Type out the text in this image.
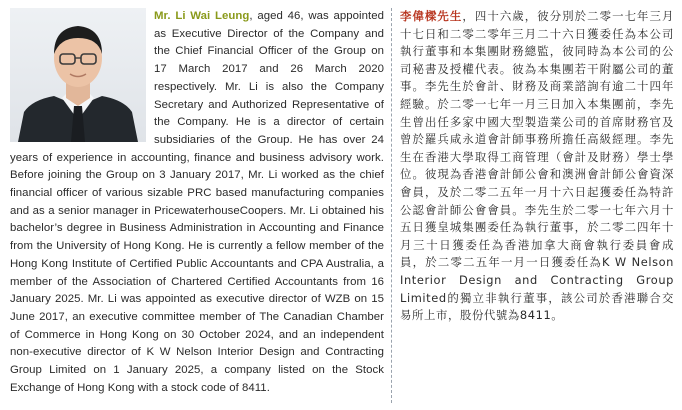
Mr. Li Wai Leung, aged 46, was appointed as Executive Director of the Company and the Chief Financial Officer of the Group on 17 March 2017 and 26 March 2020 respectively. Mr. Li is also the Company Secretary and Authorized Representative of the Company. He is a director of certain subsidiaries of the Group. He has over 24 years of experience in accounting, finance and business advisory work. Before joining the Group on 3 January 2017, Mr. Li worked as the chief financial officer of various sizable PRC based manufacturing companies and as a senior manager in PricewaterhouseCoopers. Mr. Li obtained his bachelor’s degree in Business Administration in Accounting and Finance from the University of Hong Kong. He is currently a fellow member of the Hong Kong Institute of Certified Public Accountants and CPA Australia, a member of the Association of Chartered Certified Accountants from 16 January 2025. Mr. Li was appointed as executive director of WZB on 15 June 2017, an executive committee member of The Canadian Chamber of Commerce in Hong Kong on 30 October 2024, and an independent non-executive director of K W Nelson Interior Design and Contracting Group Limited on 1 January 2025, a company listed on the Stock Exchange of Hong Kong with a stock code of 8411.

李偉樑先生，四十六歲，彼分別於二零一七年三月十七日和二零二零年三月二十六日獲委任為本公司執行董事和本集團財務總監，彼同時為本公司的公司秘書及授權代表。彼為本集團若干附屬公司的董事。李先生於會計、財務及商業諮詢有逾二十四年經驗。於二零一七年一月三日加入本集團前，李先生曾出任多家中國大型製造業公司的首席財務官及曾於羅兵咸永道會計師事務所擔任高級經理。李先生在香港大學取得工商管理（會計及財務）學士學位。彼現為香港會計師公會和澳洲會計師公會資深會員，及於二零二五年一月十六日起獲委任為特許公認會計師公會會員。李先生於二零一七年六月十五日獲皇城集團委任為執行董事，於二零二四年十月三十日獲委任為香港加拿大商會執行委員會成員，於二零二五年一月一日獲委任為K W Nelson Interior Design and Contracting Group Limited的獨立非執行董事，該公司於香港聯合交易所上市，股份代號為8411。
